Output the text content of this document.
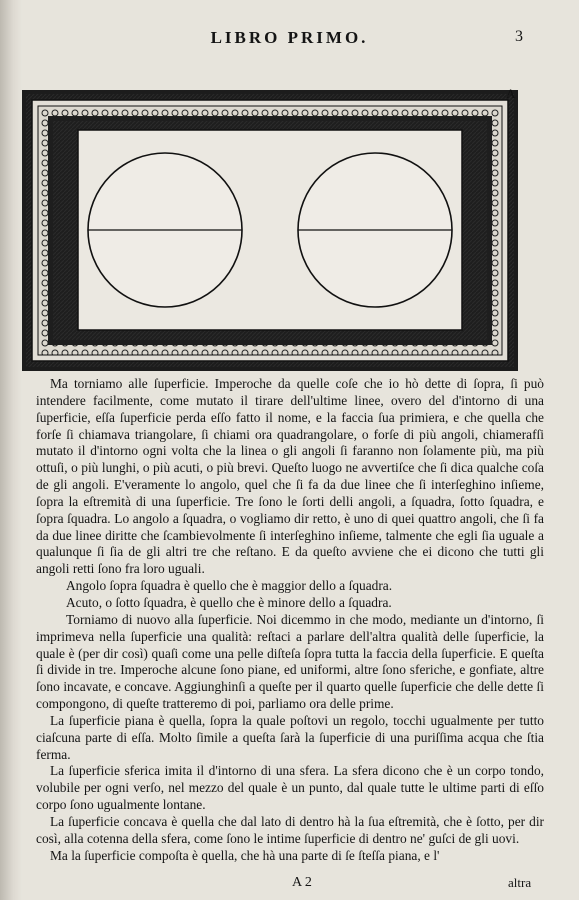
LIBRO PRIMO.	3
A

Ma torniamo alle ſuperficie. Imperoche da quelle coſe che io hò dette di ſopra, ſi può intendere facilmente, come mutato il tirare dell'ultime linee, overo del d'intorno di una ſuperficie, eſſa ſuperficie perda eſſo fatto il nome, e la faccia ſua primiera, e che quella che forſe ſi chiamava triangolare, ſi chiami ora quadrangolare, o forſe di più angoli, chiamerafſi mutato il d'intorno ogni volta che la linea o gli angoli ſi faranno non ſolamente più, ma più ottuſi, o più lunghi, o più acuti, o più brevi. Queſto luogo ne avvertiſce che ſi dica qualche coſa de gli angoli. E'veramente lo angolo, quel che ſi fa da due linee che ſi interſeghino inſieme, ſopra la eſtremità di una ſuperficie. Tre ſono le ſorti delli angoli, a ſquadra, ſotto ſquadra, e ſopra ſquadra. Lo angolo a ſquadra, o vogliamo dir retto, è uno di quei quattro angoli, che ſi fa da due linee diritte che ſcambievolmente ſi interſeghino inſieme, talmente che egli ſia uguale a qualunque ſi ſia de gli altri tre che reſtano. E da queſto avviene che ei dicono che tutti gli angoli retti ſono fra loro uguali.

Angolo ſopra ſquadra è quello che è maggior dello a ſquadra.

Acuto, o ſotto ſquadra, è quello che è minore dello a ſquadra.

Torniamo di nuovo alla ſuperficie. Noi dicemmo in che modo, mediante un d'intorno, ſi imprimeva nella ſuperficie una qualità: reſtaci a parlare dell'altra qualità delle ſuperficie, la quale è (per dir così) quaſi come una pelle diſteſa ſopra tutta la faccia della ſuperficie. E queſta ſi divide in tre. Imperoche alcune ſono piane, ed uniformi, altre ſono sferiche, e gonfiate, altre ſono incavate, e concave. Aggiunghinſi a queſte per il quarto quelle ſuperficie che delle dette ſi compongono, di queſte tratteremo di poi, parliamo ora delle prime.

La ſuperficie piana è quella, ſopra la quale poſtovi un regolo, tocchi ugualmente per tutto ciaſcuna parte di eſſa. Molto ſimile a queſta ſarà la ſuperficie di una puriſſima acqua che ſtia ferma.

La ſuperficie sferica imita il d'intorno di una sfera. La sfera dicono che è un corpo tondo, volubile per ogni verſo, nel mezzo del quale è un punto, dal quale tutte le ultime parti di eſſo corpo ſono ugualmente lontane.

La ſuperficie concava è quella che dal lato di dentro hà la ſua eſtremità, che è ſotto, per dir così, alla cotenna della sfera, come ſono le intime ſuperficie di dentro ne' guſci de gli uovi.

Ma la ſuperficie compoſta è quella, che hà una parte di ſe ſteſſa piana, e l'

A 2	altra
